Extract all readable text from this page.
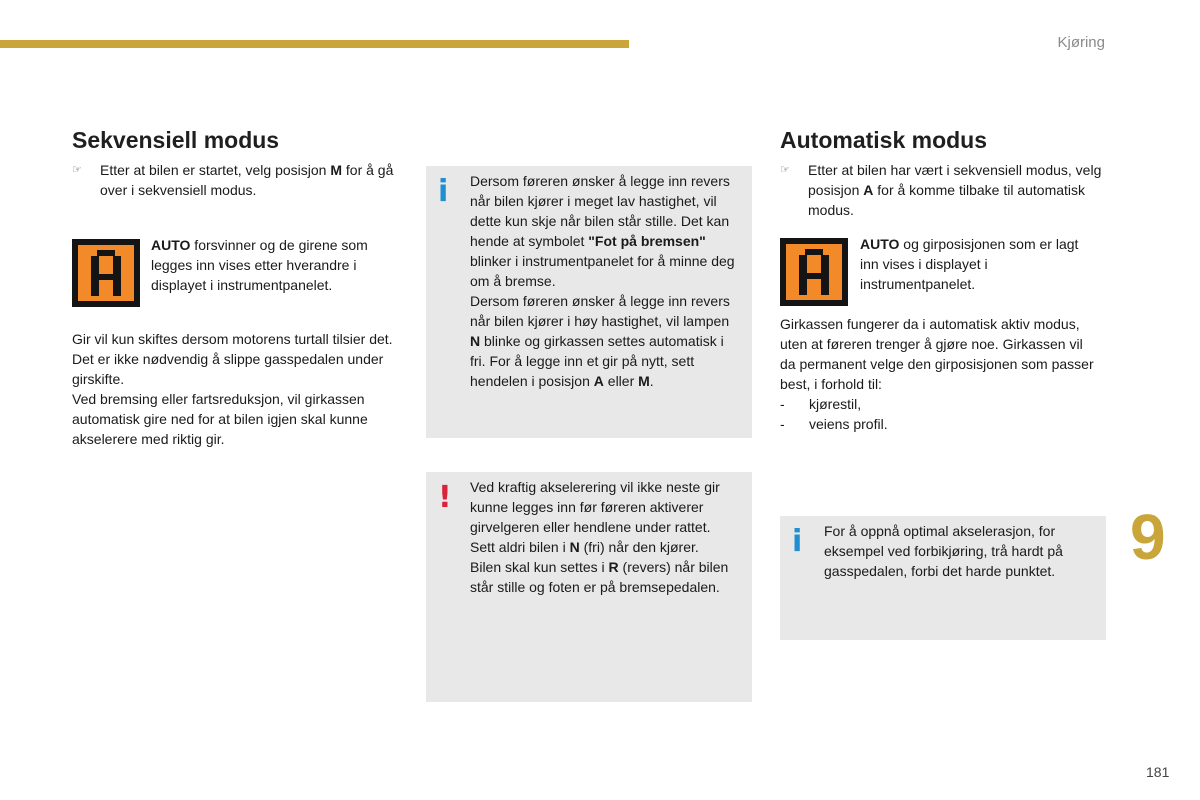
Kjøring
Sekvensiell modus
☞ Etter at bilen er startet, velg posisjon M for å gå over i sekvensiell modus.
AUTO forsvinner og de girene som legges inn vises etter hverandre i displayet i instrumentpanelet.

Gir vil kun skiftes dersom motorens turtall tilsier det.

Det er ikke nødvendig å slippe gasspedalen under girskifte.

Ved bremsing eller fartsreduksjon, vil girkassen automatisk gire ned for at bilen igjen skal kunne akselerere med riktig gir.

i Dersom føreren ønsker å legge inn revers når bilen kjører i meget lav hastighet, vil dette kun skje når bilen står stille. Det kan hende at symbolet "Fot på bremsen" blinker i instrumentpanelet for å minne deg om å bremse.

Dersom føreren ønsker å legge inn revers når bilen kjører i høy hastighet, vil lampen N blinke og girkassen settes automatisk i fri. For å legge inn et gir på nytt, sett hendelen i posisjon A eller M.

! Ved kraftig akselerering vil ikke neste gir kunne legges inn før føreren aktiverer girvelgeren eller hendlene under rattet.

Sett aldri bilen i N (fri) når den kjører.

Bilen skal kun settes i R (revers) når bilen står stille og foten er på bremsepedalen.

Automatisk modus
☞ Etter at bilen har vært i sekvensiell modus, velg posisjon A for å komme tilbake til automatisk modus.
AUTO og girposisjonen som er lagt inn vises i displayet i instrumentpanelet.

Girkassen fungerer da i automatisk aktiv modus, uten at føreren trenger å gjøre noe. Girkassen vil da permanent velge den girposisjonen som passer best, i forhold til:

- kjørestil,
- veiens profil.
i For å oppnå optimal akselerasjon, for eksempel ved forbikjøring, trå hardt på gasspedalen, forbi det harde punktet.	9
181
